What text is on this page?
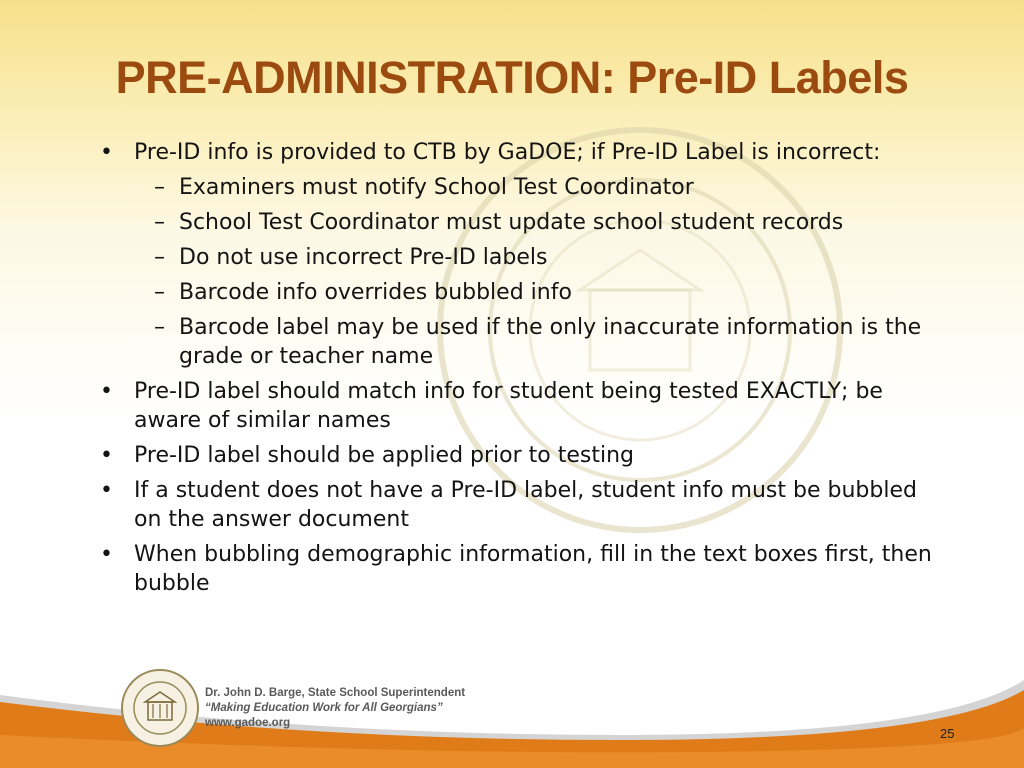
PRE-ADMINISTRATION: Pre-ID Labels
• Pre-ID info is provided to CTB by GaDOE; if Pre-ID Label is incorrect:
– Examiners must notify School Test Coordinator
– School Test Coordinator must update school student records
– Do not use incorrect Pre-ID labels
– Barcode info overrides bubbled info
– Barcode label may be used if the only inaccurate information is the grade or teacher name
• Pre-ID label should match info for student being tested EXACTLY; be aware of similar names
• Pre-ID label should be applied prior to testing
• If a student does not have a Pre-ID label, student info must be bubbled on the answer document
• When bubbling demographic information, fill in the text boxes first, then bubble
Dr. John D. Barge, State School Superintendent
“Making Education Work for All Georgians”
www.gadoe.org
25
